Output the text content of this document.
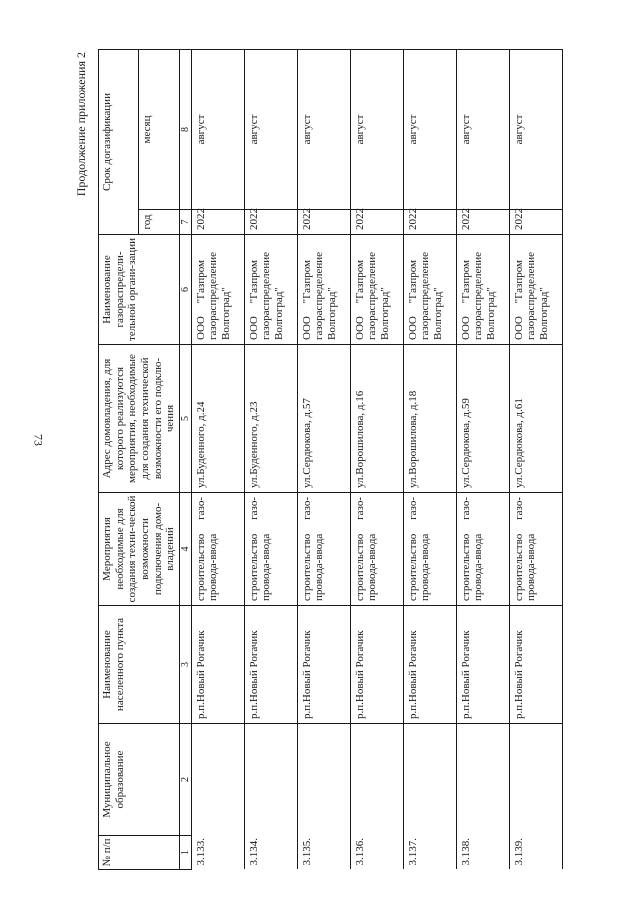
73
Продолжение приложения 2
№ п/п	Муниципальное образование	Наименование населенного пункта	Мероприятия необходимые для создания техни-ческой возможности подключения домо-владений	Адрес домовладения, для которого реализуются мероприятия, необходимые для создания технической возможности его подклю-чения	Наименование газораспредели-тельной органи-зации	Срок догазификации	
						год	месяц
1	2	3	4	5	6	7	8
3.133.		р.п.Новый Рогачик	строительство газо-провода-ввода	ул.Буденного, д.24	ООО "Газпром газораспределение Волгоград"	2022	август
3.134.		р.п.Новый Рогачик	строительство газо-провода-ввода	ул.Буденного, д.23	ООО "Газпром газораспределение Волгоград"	2022	август
3.135.		р.п.Новый Рогачик	строительство газо-провода-ввода	ул.Сердюкова, д.57	ООО "Газпром газораспределение Волгоград"	2022	август
3.136.		р.п.Новый Рогачик	строительство газо-провода-ввода	ул.Ворошилова, д.16	ООО "Газпром газораспределение Волгоград"	2022	август
3.137.		р.п.Новый Рогачик	строительство газо-провода-ввода	ул.Ворошилова, д.18	ООО "Газпром газораспределение Волгоград"	2022	август
3.138.		р.п.Новый Рогачик	строительство газо-провода-ввода	ул.Сердюкова, д.59	ООО "Газпром газораспределение Волгоград"	2022	август
3.139.		р.п.Новый Рогачик	строительство газо-провода-ввода	ул.Сердюкова, д.61	ООО "Газпром газораспределение Волгоград"	2022	август
